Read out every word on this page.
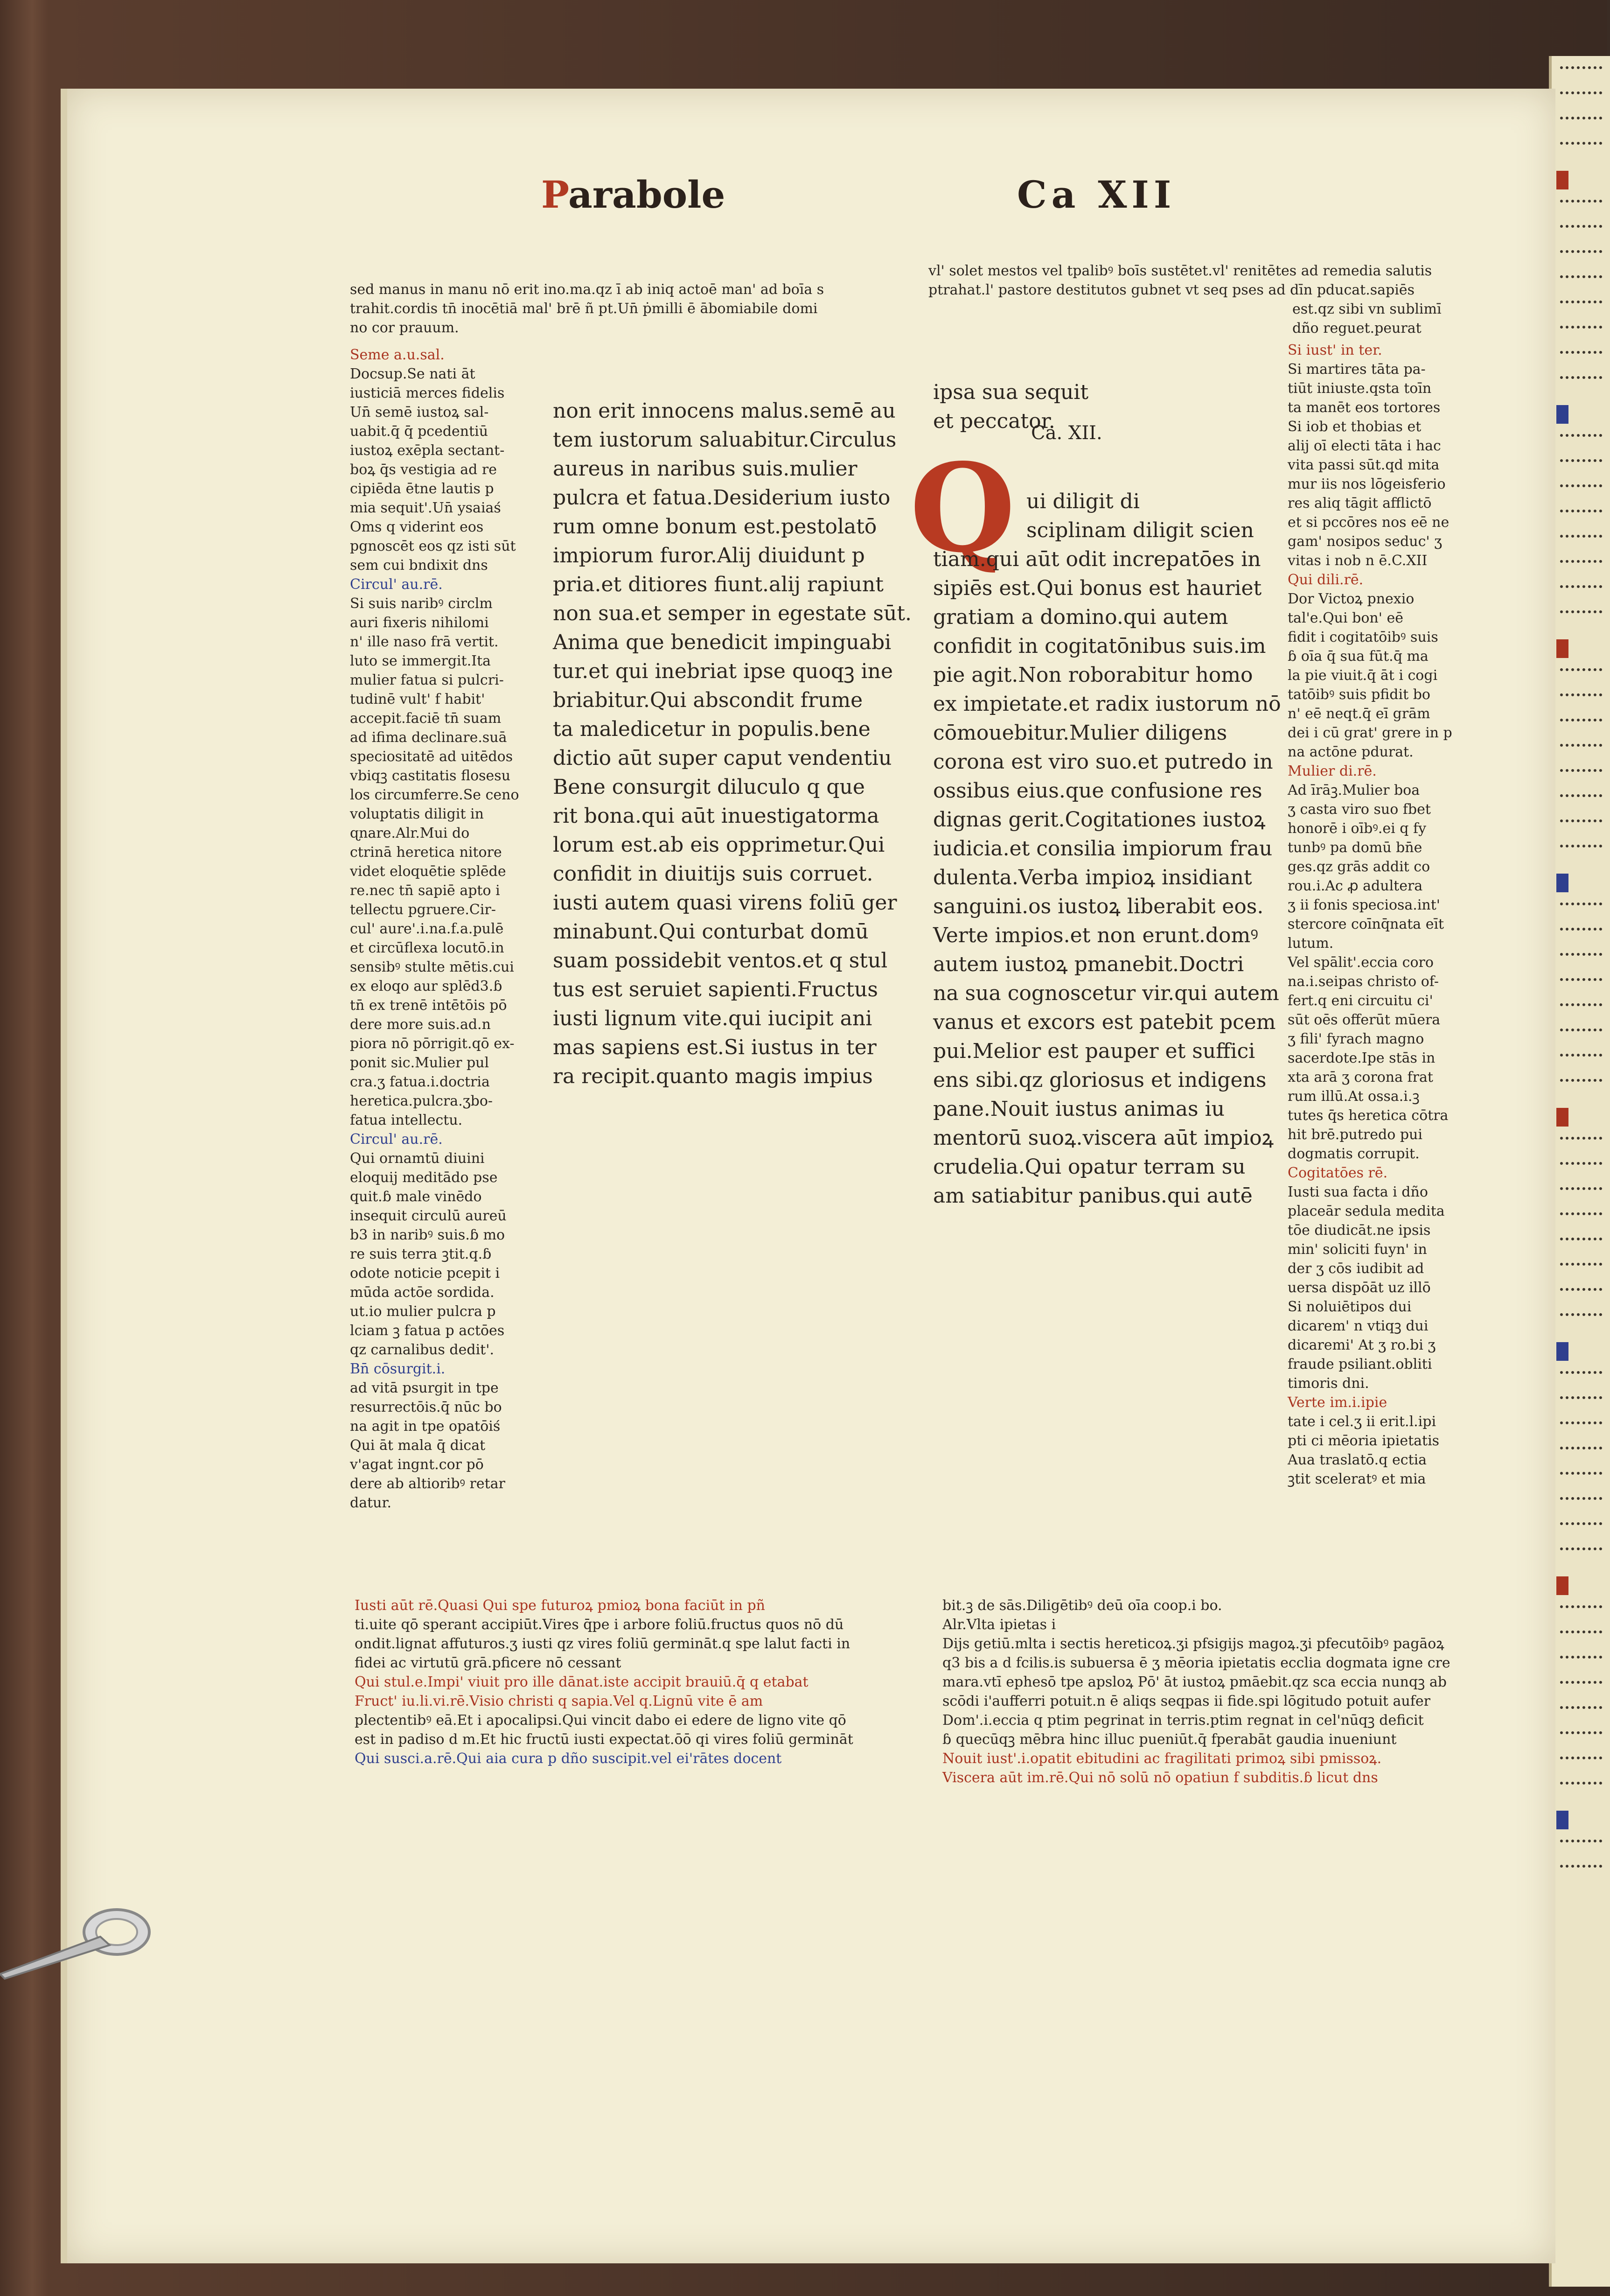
Parabole	Ca XII
sed manus in manu nō erit ino.ma.qz ī ab iniq actoē man' ad boīa s
trahit.cordis tn̄ inocētiā mal' brē ñ pt.Un̄ ṗmilli ē ābomiabile domi
no cor prauum.
Seme a.u.sal.
Docsup.Se nati āt
iusticiā merces fidelis
Un̄ semē iustoꝝ sal-
uabit.q̄ q̄ pcedentiū
iustoꝝ exēpla sectant-
boꝝ q̄s vestigia ad re
cipiēda ētne lautis p
mia sequit'.Un̄ ysaiaś
Oms q viderint eos
pgnoscēt eos qz isti sūt
sem cui bndixit dns
Circul' au.rē.
Si suis naribꝰ circlm
auri fixeris nihilomi
n' ille naso frā vertit.
luto se immergit.Ita
mulier fatua si pulcri-
tudinē vult' f habit'
accepit.faciē tn̄ suam
ad ifima declinare.suā
speciositatē ad uitēdos
vbiqꝫ castitatis flosesu
los circumferre.Se ceno
voluptatis diligit in
ɋnare.Alr.Mui do
ctrinā heretica nitore
videt eloquētie splēde
re.nec tn̄ sapiē apto i
tellectu pgruere.Cir-
cul' aure'.i.na.f.a.pulē
et circūflexa locutō.in
sensibꝰ stulte mētis.cui
ex eloqo aur splēd3.ɓ
tn̄ ex trenē intētōis pō
dere more suis.ad.n
piora nō pōrrigit.qō ex-
ponit sic.Mulier pul
cra.ʒ fatua.i.doctria
heretica.pulcra.ʒbo-
fatua intellectu.
Circul' au.rē.
Qui ornamtū diuini
eloquij meditādo pse
quit.ɓ male vinēdo
insequit circulū aureū
b3 in naribꝰ suis.ɓ mo
re suis terra ꝫtit.q.ɓ
odote noticie pcepit i
mūda actōe sordida.
ut.io mulier pulcra p
lciam ꝫ fatua p actōes
qz carnalibus dedit'.
Bn̄ cōsurgit.i.
ad vitā psurgit in tpe
resurrectōis.q̄ nūc bo
na agit in tpe opatōiś
Qui āt mala q̄ dicat
v'agat ingnt.cor pō
dere ab altioribꝰ retar
datur.
non erit innocens malus.semē au
tem iustorum saluabitur.Circulus
aureus in naribus suis.mulier
pulcra et fatua.Desiderium iusto
rum omne bonum est.pestolatō
impiorum furor.Alij diuidunt p
pria.et ditiores fiunt.alij rapiunt
non sua.et semper in egestate sūt.
Anima que benedicit impinguabi
tur.et qui inebriat ipse quoqꝫ ine
briabitur.Qui abscondit frume
ta maledicetur in populis.bene
dictio aūt super caput vendentiu
Bene consurgit diluculo q que
rit bona.qui aūt inuestigatorma
lorum est.ab eis opprimetur.Qui
confidit in diuitijs suis corruet.
iusti autem quasi virens foliū ger
minabunt.Qui conturbat domū
suam possidebit ventos.et q stul
tus est seruiet sapienti.Fructus
iusti lignum vite.qui iucipit ani
mas sapiens est.Si iustus in ter
ra recipit.quanto magis impius
vl' solet mestos vel tpalibꝰ boīs sustētet.vl' renitētes ad remedia salutis
ptrahat.l' pastore destitutos gubnet vt seq pses ad dīn pducat.sapiēs
est.qz sibi vn sublimī
dño reguet.peurat
Ca. XII.
Q
ipsa sua sequit
et peccator.
ui diligit di
sciplinam diligit scien
tiam.qui aūt odit increpatōes in
sipiēs est.Qui bonus est hauriet
gratiam a domino.qui autem
confidit in cogitatōnibus suis.im
pie agit.Non roborabitur homo
ex impietate.et radix iustorum nō
cōmouebitur.Mulier diligens
corona est viro suo.et putredo in
ossibus eius.que confusione res
dignas gerit.Cogitationes iustoꝝ
iudicia.et consilia impiorum frau
dulenta.Verba impioꝝ insidiant
sanguini.os iustoꝝ liberabit eos.
Verte impios.et non erunt.domꝰ
autem iustoꝝ pmanebit.Doctri
na sua cognoscetur vir.qui autem
vanus et excors est patebit pcem
pui.Melior est pauper et suffici
ens sibi.qz gloriosus et indigens
pane.Nouit iustus animas iu
mentorū suoꝝ.viscera aūt impioꝝ
crudelia.Qui opatur terram su
am satiabitur panibus.qui autē
Si iust' in ter.
Si martires tāta pa-
tiūt iniuste.qsta toīn
ta manēt eos tortores
Si iob et thobias et
alij oī electi tāta i hac
vita passi sūt.qd mita
mur iis nos lōgeisferio
res aliq tāgit afflictō
et si pccōres nos eē ne
gam' nosipos seduc' ʒ
vitas i nob n ē.C.XII
Qui dili.rē.
Dor Victoꝝ pnexio
tal'e.Qui bon' eē
fidit i cogitatōibꝰ suis
ɓ oīa q̄ sua fūt.q̄ ma
la pie viuit.q̄ āt i cogi
tatōibꝰ suis pfidit bo
n' eē neqt.q̄ eī grām
dei i cū grat' grere in p
na actōne pdurat.
Mulier di.rē.
Ad īrāꝫ.Mulier boa
ʒ casta viro suo fbet
honorē i oībꝰ.ei q fy
tunbꝰ pa domū bn̄e
ges.qz grās addit co
rou.i.Ac ꝓ adultera
ʒ ii fonis speciosa.int'
stercore coīnq̄nata eīt
lutum.
Vel spālit'.eccia coro
na.i.seipas christo of-
fert.q eni circuitu ci'
sūt oēs offerūt mūera
ʒ fili' fyrach magno
sacerdote.Ipe stās in
xta arā ʒ corona frat
rum illū.At ossa.i.ꝫ
tutes q̄s heretica cōtra
hit brē.putredo pui
dogmatis corrupit.
Cogitatōes rē.
Iusti sua facta i dño
placeār sedula medita
tōe diudicāt.ne ipsis
min' soliciti fuyn' in
der ʒ cōs iudibit ad
uersa dispōāt uz illō
Si noluiētipos dui
dicarem' n vtiqꝫ dui
dicaremi' At ʒ ro.bi ʒ
fraude psiliant.obliti
timoris dni.
Verte im.i.ipie
tate i cel.ʒ ii erit.l.ipi
pti ci mēoria ipietatis
Aua traslatō.q ectia
ꝫtit sceleratꝰ et mia
Iusti aūt rē.Quasi Qui spe futuroꝝ pmioꝝ bona faciūt in pñ
ti.uite qō sperant accipiūt.Vires q̄pe i arbore foliū.fructus quos nō dū
ondit.lignat affuturos.ʒ iusti qz vires foliū germināt.q spe lalut facti in
fidei ac virtutū grā.pficere nō cessant
Qui stul.e.Impi' viuit pro ille dānat.iste accipit brauiū.q̄ q etabat
Fruct' iu.li.vi.rē.Visio christi q sapia.Vel q.Lignū vite ē am
plectentibꝰ eā.Et i apocalipsi.Qui vincit dabo ei edere de ligno vite qō
est in padiso d m.Et hic fructū iusti expectat.ōō qi vires foliū germināt
Qui susci.a.rē.Qui aia cura p dño suscipit.vel ei'rātes docent
bit.ꝫ de sās.Diligētibꝰ deū oīa coop.i bo.
Alr.Vlta ipietas i
Dijs getiū.mlta i sectis hereticoꝝ.ʒi pfsigijs magoꝝ.ʒi pfecutōibꝰ pagāoꝝ
q3 bis a d fcilis.is subuersa ē ʒ mēoria ipietatis ecclia dogmata igne cre
mara.vtī ephesō tpe apsloꝝ Pō' āt iustoꝝ pmāebit.qz sca eccia nunqꝫ ab
scōdi i'aufferri potuit.n ē aliqs seqpas ii fide.spi lōgitudo potuit aufer
Dom'.i.eccia q ptim pegrinat in terris.ptim regnat in cel'nūqꝫ deficit
ɓ quecūqꝫ mēbra hinc illuc pueniūt.q̄ fperabāt gaudia inueniunt
Nouit iust'.i.opatit ebitudini ac fragilitati primoꝝ sibi pmissoꝝ.
Viscera aūt im.rē.Qui nō solū nō opatiun f subditis.ɓ licut dns
